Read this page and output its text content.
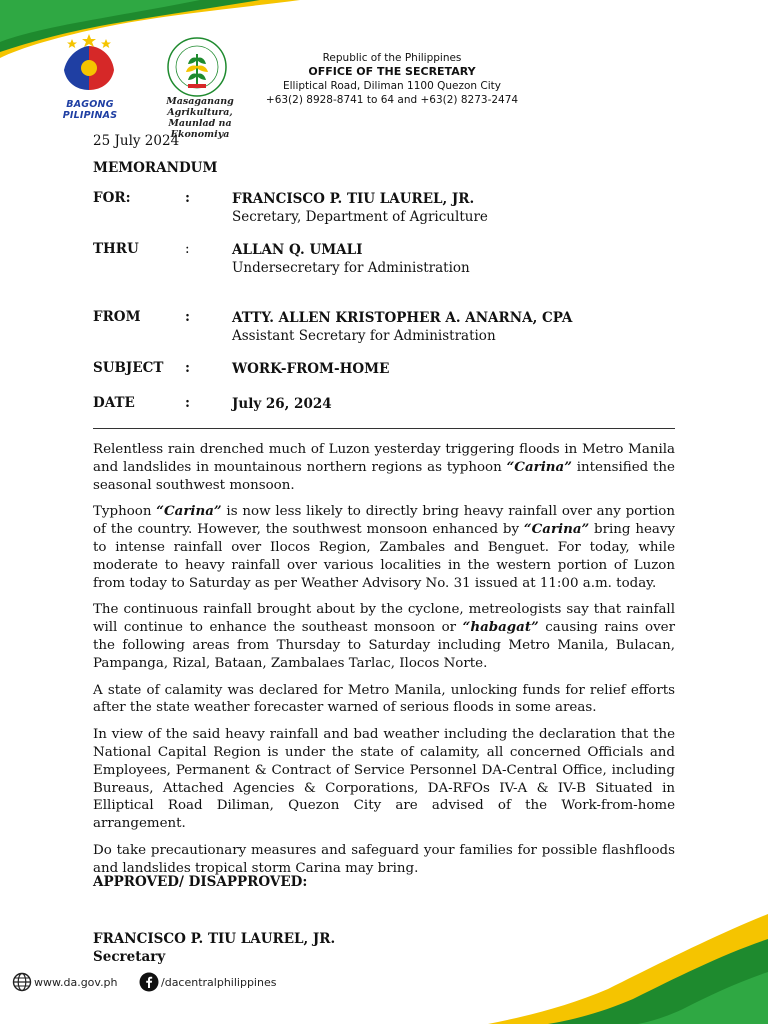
BAGONG PILIPINAS
Masaganang Agrikultura,
Maunlad na Ekonomiya
Republic of the Philippines
OFFICE OF THE SECRETARY
Elliptical Road, Diliman 1100 Quezon City
+63(2) 8928-8741 to 64 and +63(2) 8273-2474
25 July 2024
MEMORANDUM
FOR:	:	FRANCISCO P. TIU LAUREL, JR.
Secretary, Department of Agriculture
THRU	:	ALLAN Q. UMALI
Undersecretary for Administration
FROM	:	ATTY. ALLEN KRISTOPHER A. ANARNA, CPA
Assistant Secretary for Administration
SUBJECT :	WORK-FROM-HOME
DATE	:	July 26, 2024

Relentless rain drenched much of Luzon yesterday triggering floods in Metro Manila and landslides in mountainous northern regions as typhoon “Carina” intensified the seasonal southwest monsoon.

Typhoon “Carina” is now less likely to directly bring heavy rainfall over any portion of the country. However, the southwest monsoon enhanced by “Carina” bring heavy to intense rainfall over Ilocos Region, Zambales and Benguet. For today, while moderate to heavy rainfall over various localities in the western portion of Luzon from today to Saturday as per Weather Advisory No. 31 issued at 11:00 a.m. today.

The continuous rainfall brought about by the cyclone, metreologists say that rainfall will continue to enhance the southeast monsoon or “habagat” causing rains over the following areas from Thursday to Saturday including Metro Manila, Bulacan, Pampanga, Rizal, Bataan, Zambalaes Tarlac, Ilocos Norte.

A state of calamity was declared for Metro Manila, unlocking funds for relief efforts after the state weather forecaster warned of serious floods in some areas.

In view of the said heavy rainfall and bad weather including the declaration that the National Capital Region is under the state of calamity, all concerned Officials and Employees, Permanent & Contract of Service Personnel DA-Central Office, including Bureaus, Attached Agencies & Corporations, DA-RFOs IV-A & IV-B Situated in Elliptical Road Diliman, Quezon City are advised of the Work-from-home arrangement.

Do take precautionary measures and safeguard your families for possible flashfloods and landslides tropical storm Carina may bring.

APPROVED/ DISAPPROVED:
FRANCISCO P. TIU LAUREL, JR.
Secretary
www.da.gov.ph	/dacentralphilippines
